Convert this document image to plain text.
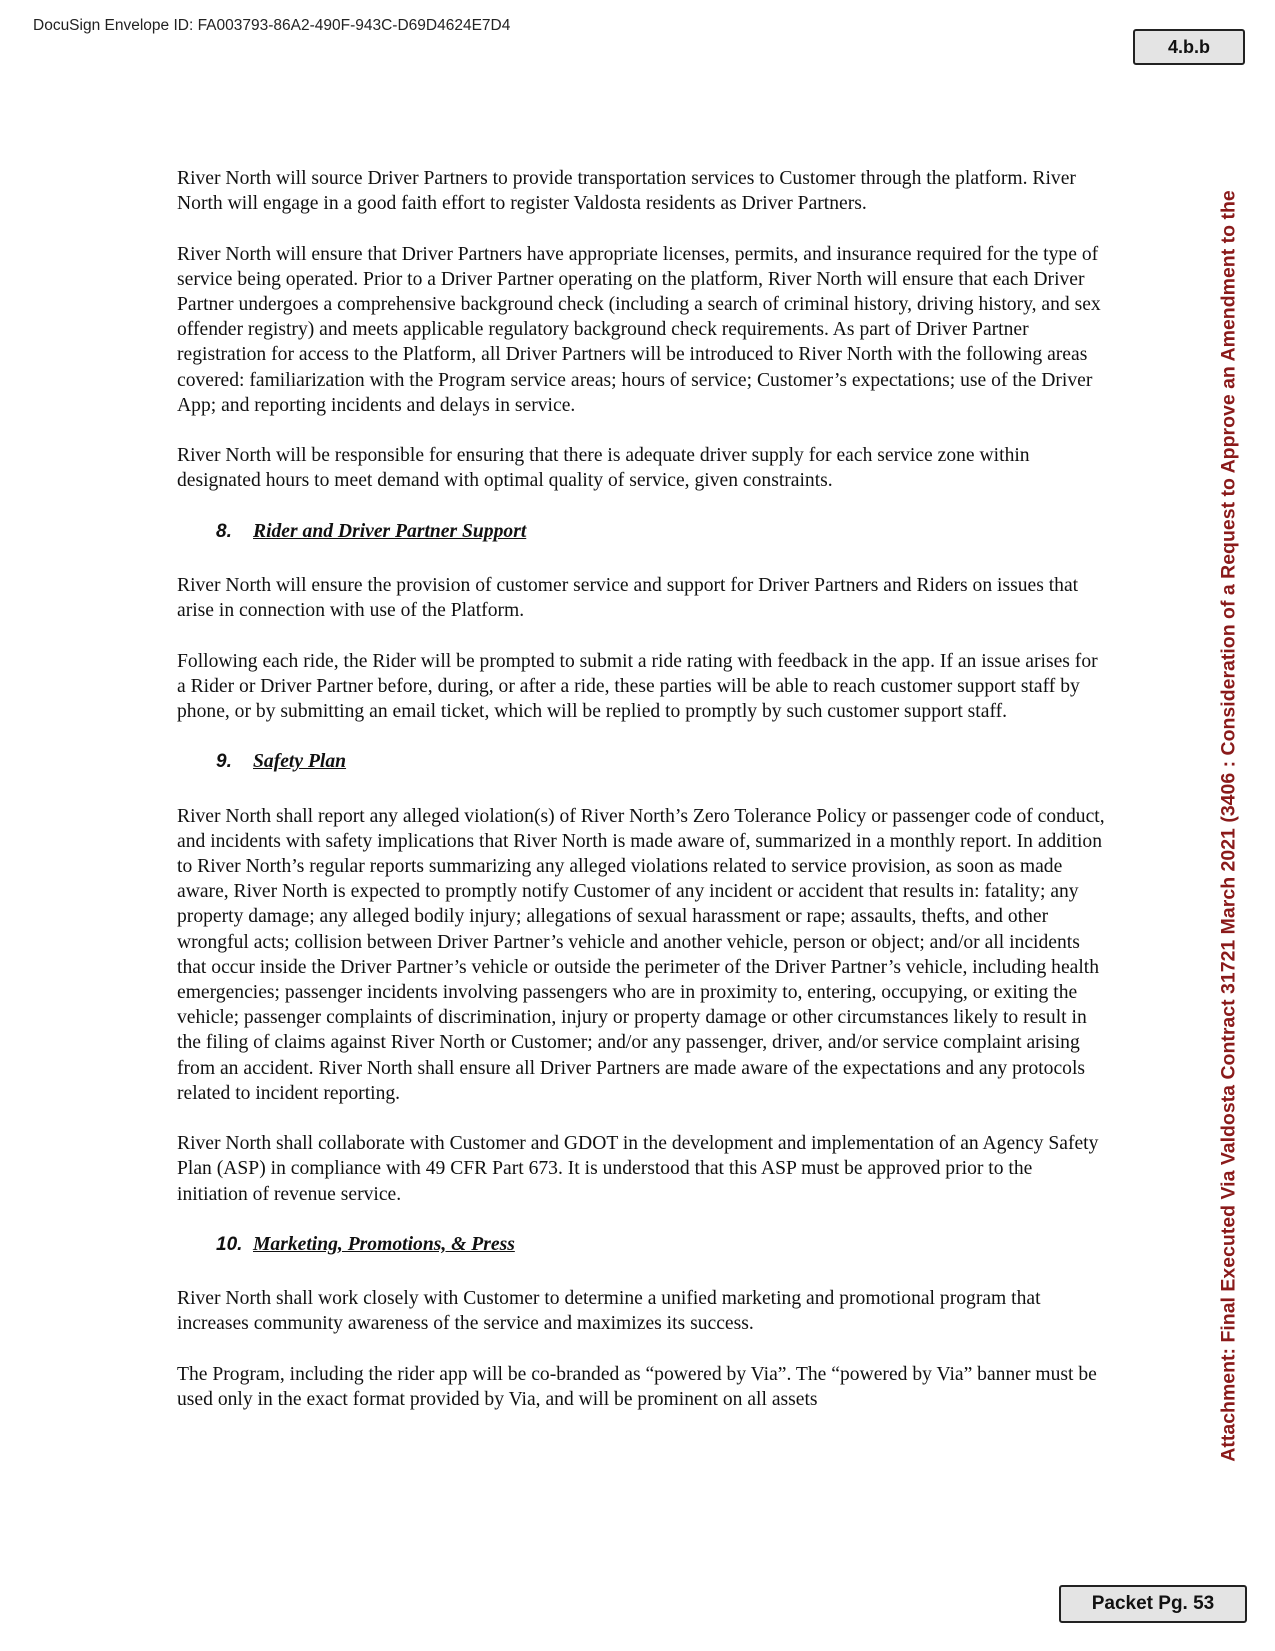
DocuSign Envelope ID: FA003793-86A2-490F-943C-D69D4624E7D4
4.b.b
Attachment: Final Executed Via Valdosta Contract 31721 March 2021 (3406 : Consideration of a Request to Approve an Amendment to the

River North will source Driver Partners to provide transportation services to Customer through the platform. River North will engage in a good faith effort to register Valdosta residents as Driver Partners.

River North will ensure that Driver Partners have appropriate licenses, permits, and insurance required for the type of service being operated. Prior to a Driver Partner operating on the platform, River North will ensure that each Driver Partner undergoes a comprehensive background check (including a search of criminal history, driving history, and sex offender registry) and meets applicable regulatory background check requirements. As part of Driver Partner registration for access to the Platform, all Driver Partners will be introduced to River North with the following areas covered: familiarization with the Program service areas; hours of service; Customer’s expectations; use of the Driver App; and reporting incidents and delays in service.

River North will be responsible for ensuring that there is adequate driver supply for each service zone within designated hours to meet demand with optimal quality of service, given constraints.

8.	Rider and Driver Partner Support

River North will ensure the provision of customer service and support for Driver Partners and Riders on issues that arise in connection with use of the Platform.

Following each ride, the Rider will be prompted to submit a ride rating with feedback in the app. If an issue arises for a Rider or Driver Partner before, during, or after a ride, these parties will be able to reach customer support staff by phone, or by submitting an email ticket, which will be replied to promptly by such customer support staff.

9.	Safety Plan

River North shall report any alleged violation(s) of River North’s Zero Tolerance Policy or passenger code of conduct, and incidents with safety implications that River North is made aware of, summarized in a monthly report. In addition to River North’s regular reports summarizing any alleged violations related to service provision, as soon as made aware, River North is expected to promptly notify Customer of any incident or accident that results in: fatality; any property damage; any alleged bodily injury; allegations of sexual harassment or rape; assaults, thefts, and other wrongful acts; collision between Driver Partner’s vehicle and another vehicle, person or object; and/or all incidents that occur inside the Driver Partner’s vehicle or outside the perimeter of the Driver Partner’s vehicle, including health emergencies; passenger incidents involving passengers who are in proximity to, entering, occupying, or exiting the vehicle; passenger complaints of discrimination, injury or property damage or other circumstances likely to result in the filing of claims against River North or Customer; and/or any passenger, driver, and/or service complaint arising from an accident. River North shall ensure all Driver Partners are made aware of the expectations and any protocols related to incident reporting.

River North shall collaborate with Customer and GDOT in the development and implementation of an Agency Safety Plan (ASP) in compliance with 49 CFR Part 673. It is understood that this ASP must be approved prior to the initiation of revenue service.

10. Marketing, Promotions, & Press

River North shall work closely with Customer to determine a unified marketing and promotional program that increases community awareness of the service and maximizes its success.

The Program, including the rider app will be co-branded as “powered by Via”. The “powered by Via” banner must be used only in the exact format provided by Via, and will be prominent on all assets

Packet Pg. 53
